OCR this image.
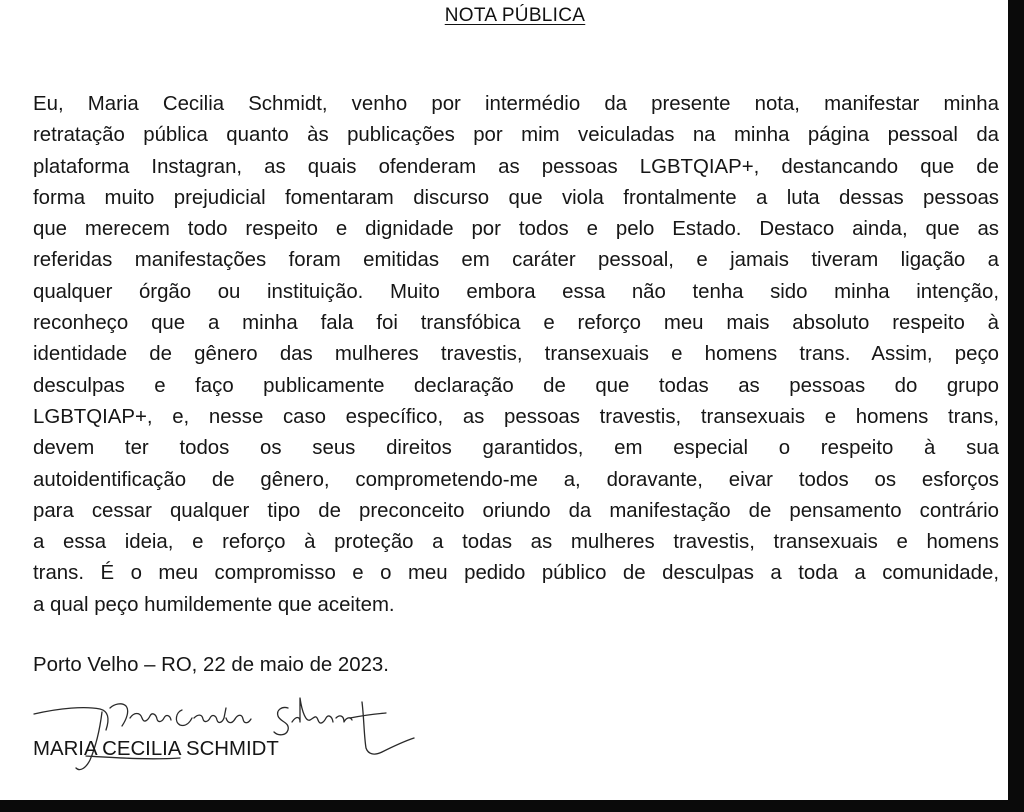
NOTA PÚBLICA
Eu, Maria Cecilia Schmidt, venho por intermédio da presente nota, manifestar minha
retratação pública quanto às publicações por mim veiculadas na minha página pessoal da
plataforma Instagran, as quais ofenderam as pessoas LGBTQIAP+, destancando que de
forma muito prejudicial fomentaram discurso que viola frontalmente a luta dessas pessoas
que merecem todo respeito e dignidade por todos e pelo Estado. Destaco ainda, que as
referidas manifestações foram emitidas em caráter pessoal, e jamais tiveram ligação a
qualquer órgão ou instituição. Muito embora essa não tenha sido minha intenção,
reconheço que a minha fala foi transfóbica e reforço meu mais absoluto respeito à
identidade de gênero das mulheres travestis, transexuais e homens trans. Assim, peço
desculpas e faço publicamente declaração de que todas as pessoas do grupo
LGBTQIAP+, e, nesse caso específico, as pessoas travestis, transexuais e homens trans,
devem ter todos os seus direitos garantidos, em especial o respeito à sua
autoidentificação de gênero, comprometendo-me a, doravante, eivar todos os esforços
para cessar qualquer tipo de preconceito oriundo da manifestação de pensamento contrário
a essa ideia, e reforço à proteção a todas as mulheres travestis, transexuais e homens
trans. É o meu compromisso e o meu pedido público de desculpas a toda a comunidade,
a qual peço humildemente que aceitem.
Porto Velho – RO, 22 de maio de 2023.
MARIA CECILIA SCHMIDT
